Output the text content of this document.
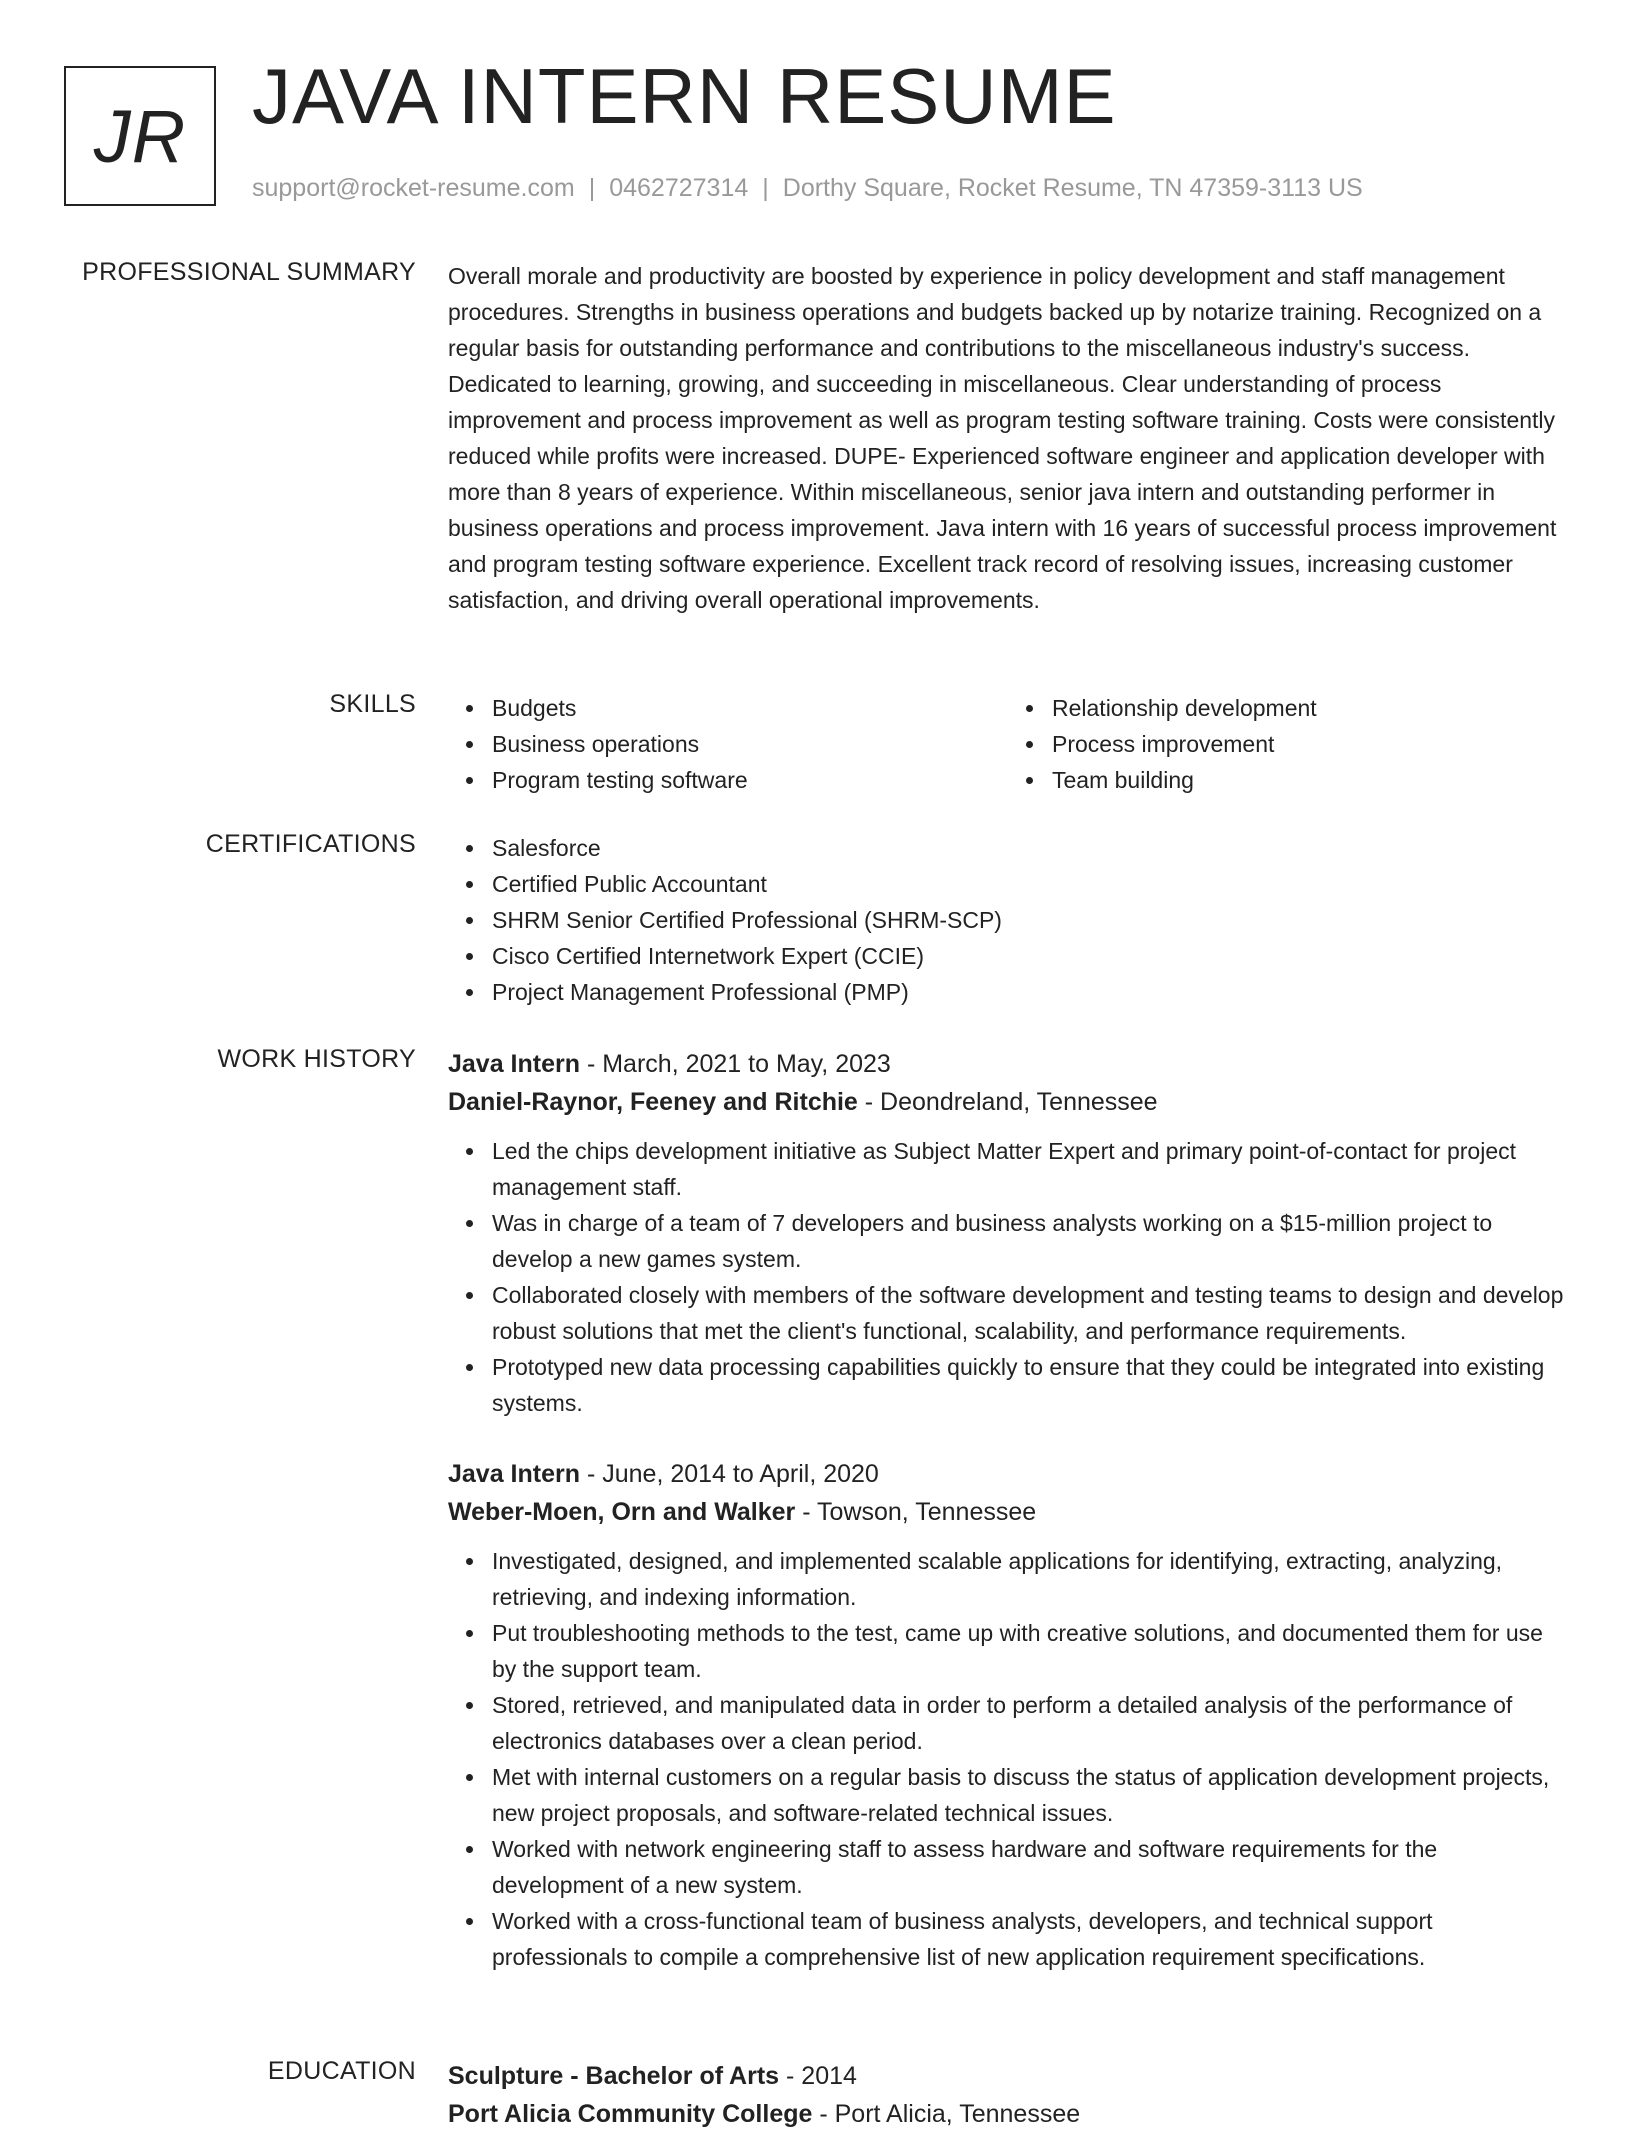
JR JAVA INTERN RESUME
support@rocket-resume.com | 0462727314 | Dorthy Square, Rocket Resume, TN 47359-3113 US
PROFESSIONAL SUMMARY Overall morale and productivity are boosted by experience in policy development and staff management procedures. Strengths in business operations and budgets backed up by notarize training. Recognized on a regular basis for outstanding performance and contributions to the miscellaneous industry's success. Dedicated to learning, growing, and succeeding in miscellaneous. Clear understanding of process improvement and process improvement as well as program testing software training. Costs were consistently reduced while profits were increased. DUPE- Experienced software engineer and application developer with more than 8 years of experience. Within miscellaneous, senior java intern and outstanding performer in business operations and process improvement. Java intern with 16 years of successful process improvement and program testing software experience. Excellent track record of resolving issues, increasing customer satisfaction, and driving overall operational improvements.
SKILLS	Budgets
Business operations
Program testing software
Relationship development
Process improvement
Team building
CERTIFICATIONS	Salesforce
Certified Public Accountant
SHRM Senior Certified Professional (SHRM-SCP)
Cisco Certified Internetwork Expert (CCIE)
Project Management Professional (PMP)
WORK HISTORY Java Intern - March, 2021 to May, 2023
Daniel-Raynor, Feeney and Ritchie - Deondreland, Tennessee
Led the chips development initiative as Subject Matter Expert and primary point-of-contact for project management staff.
Was in charge of a team of 7 developers and business analysts working on a $15-million project to develop a new games system.
Collaborated closely with members of the software development and testing teams to design and develop robust solutions that met the client's functional, scalability, and performance requirements.
Prototyped new data processing capabilities quickly to ensure that they could be integrated into existing systems.
Java Intern - June, 2014 to April, 2020
Weber-Moen, Orn and Walker - Towson, Tennessee
Investigated, designed, and implemented scalable applications for identifying, extracting, analyzing, retrieving, and indexing information.
Put troubleshooting methods to the test, came up with creative solutions, and documented them for use by the support team.
Stored, retrieved, and manipulated data in order to perform a detailed analysis of the performance of electronics databases over a clean period.
Met with internal customers on a regular basis to discuss the status of application development projects, new project proposals, and software-related technical issues.
Worked with network engineering staff to assess hardware and software requirements for the development of a new system.
Worked with a cross-functional team of business analysts, developers, and technical support professionals to compile a comprehensive list of new application requirement specifications.
EDUCATION Sculpture - Bachelor of Arts - 2014
Port Alicia Community College - Port Alicia, Tennessee
